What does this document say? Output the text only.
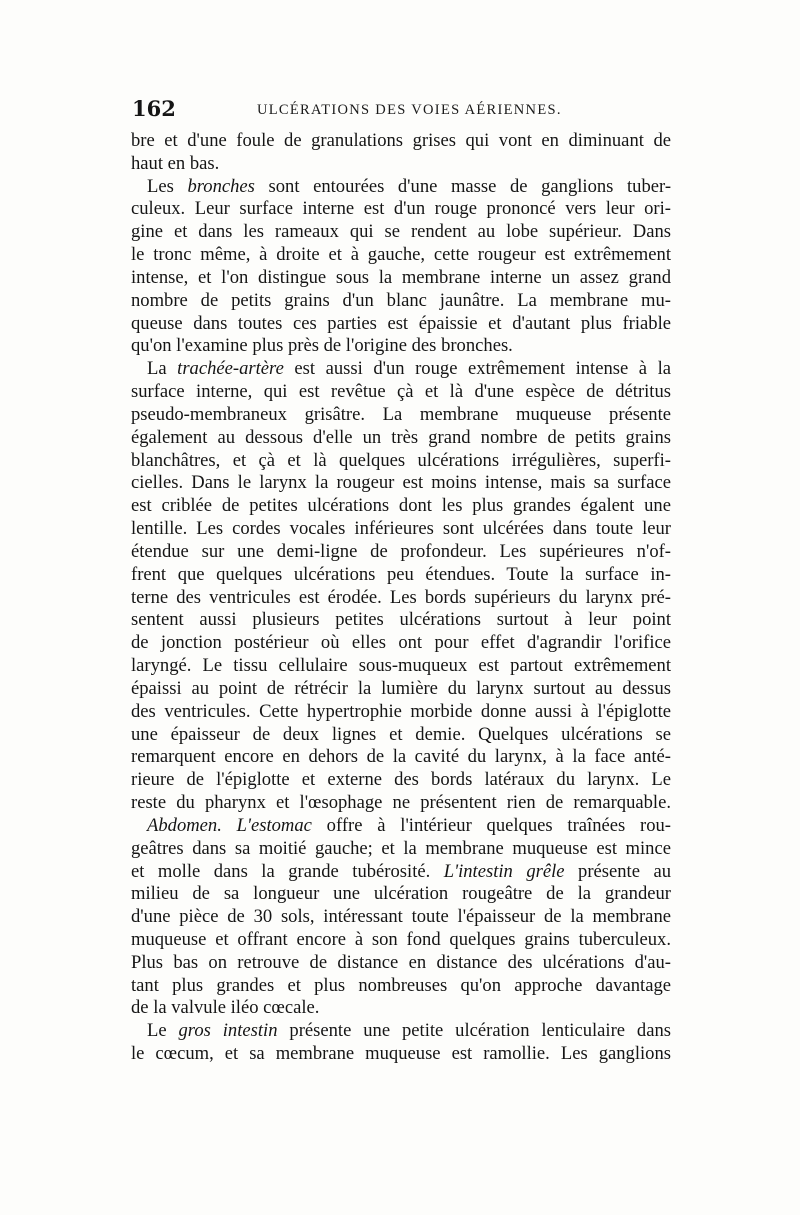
162	ULCÉRATIONS DES VOIES AÉRIENNES.
bre et d'une foule de granulations grises qui vont en diminuant de
haut en bas.
Les bronches sont entourées d'une masse de ganglions tuber-
culeux. Leur surface interne est d'un rouge prononcé vers leur ori-
gine et dans les rameaux qui se rendent au lobe supérieur. Dans
le tronc même, à droite et à gauche, cette rougeur est extrêmement
intense, et l'on distingue sous la membrane interne un assez grand
nombre de petits grains d'un blanc jaunâtre. La membrane mu-
queuse dans toutes ces parties est épaissie et d'autant plus friable
qu'on l'examine plus près de l'origine des bronches.
La trachée-artère est aussi d'un rouge extrêmement intense à la
surface interne, qui est revêtue çà et là d'une espèce de détritus
pseudo-membraneux grisâtre. La membrane muqueuse présente
également au dessous d'elle un très grand nombre de petits grains
blanchâtres, et çà et là quelques ulcérations irrégulières, superfi-
cielles. Dans le larynx la rougeur est moins intense, mais sa surface
est criblée de petites ulcérations dont les plus grandes égalent une
lentille. Les cordes vocales inférieures sont ulcérées dans toute leur
étendue sur une demi-ligne de profondeur. Les supérieures n'of-
frent que quelques ulcérations peu étendues. Toute la surface in-
terne des ventricules est érodée. Les bords supérieurs du larynx pré-
sentent aussi plusieurs petites ulcérations surtout à leur point
de jonction postérieur où elles ont pour effet d'agrandir l'orifice
laryngé. Le tissu cellulaire sous-muqueux est partout extrêmement
épaissi au point de rétrécir la lumière du larynx surtout au dessus
des ventricules. Cette hypertrophie morbide donne aussi à l'épiglotte
une épaisseur de deux lignes et demie. Quelques ulcérations se
remarquent encore en dehors de la cavité du larynx, à la face anté-
rieure de l'épiglotte et externe des bords latéraux du larynx. Le
reste du pharynx et l'œsophage ne présentent rien de remarquable.
Abdomen. L'estomac offre à l'intérieur quelques traînées rou-
geâtres dans sa moitié gauche; et la membrane muqueuse est mince
et molle dans la grande tubérosité. L'intestin grêle présente au
milieu de sa longueur une ulcération rougeâtre de la grandeur
d'une pièce de 30 sols, intéressant toute l'épaisseur de la membrane
muqueuse et offrant encore à son fond quelques grains tuberculeux.
Plus bas on retrouve de distance en distance des ulcérations d'au-
tant plus grandes et plus nombreuses qu'on approche davantage
de la valvule iléo cœcale.
Le gros intestin présente une petite ulcération lenticulaire dans
le cœcum, et sa membrane muqueuse est ramollie. Les ganglions
